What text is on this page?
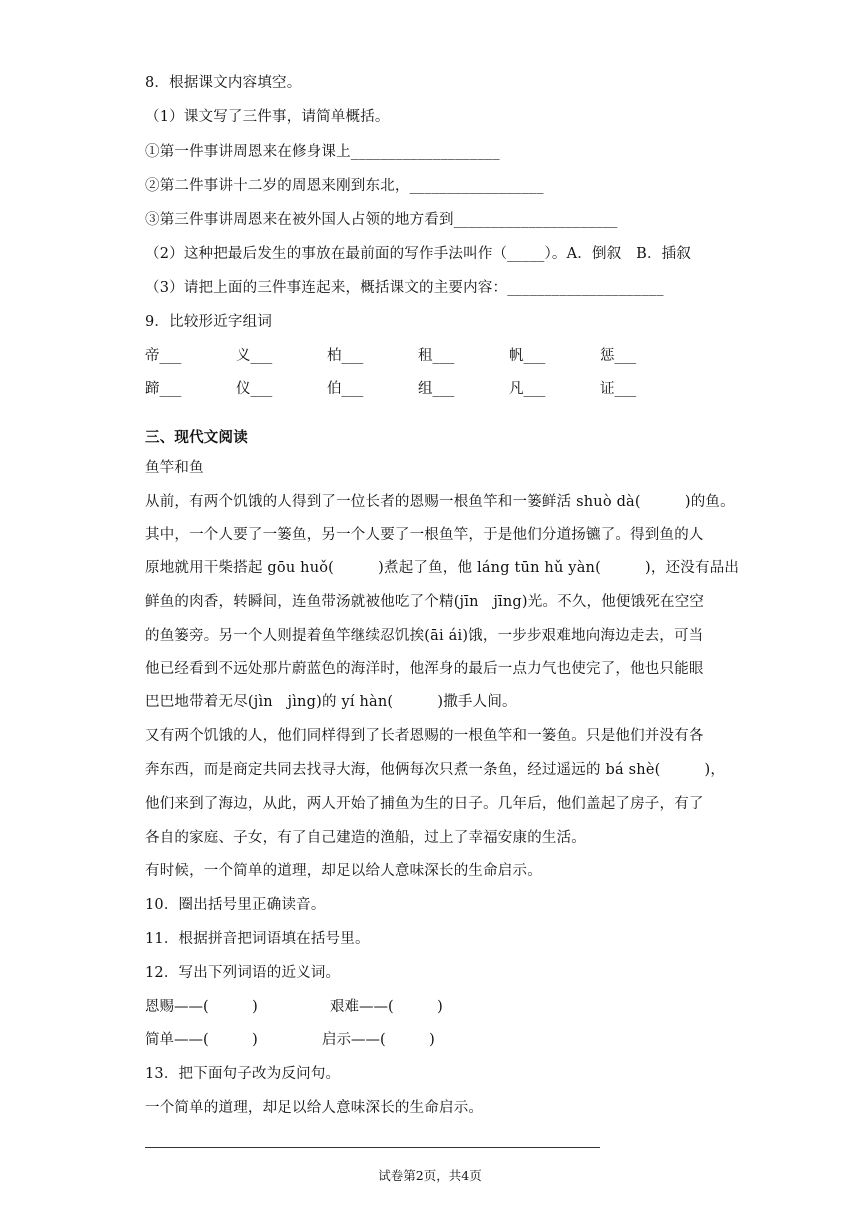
8．根据课文内容填空。
（1）课文写了三件事，请简单概括。
①第一件事讲周恩来在修身课上____________________
②第二件事讲十二岁的周恩来刚到东北，__________________
③第三件事讲周恩来在被外国人占领的地方看到______________________
（2）这种把最后发生的事放在最前面的写作手法叫作（_____）。A．倒叙　B．插叙
（3）请把上面的三件事连起来，概括课文的主要内容：_____________________
9．比较形近字组词
帝___	义___	柏___	租___	帆___	惩___
蹄___	仪___	伯___	组___	凡___	证___
三、现代文阅读
鱼竿和鱼
从前，有两个饥饿的人得到了一位长者的恩赐一根鱼竿和一篓鲜活 shuò dà(　　　)的鱼。
其中，一个人要了一篓鱼，另一个人要了一根鱼竿，于是他们分道扬镳了。得到鱼的人
原地就用干柴搭起 gōu huǒ(　　　)煮起了鱼，他 láng tūn hǔ yàn(　　　)，还没有品出
鲜鱼的肉香，转瞬间，连鱼带汤就被他吃了个精(jīn　jīng)光。不久，他便饿死在空空
的鱼篓旁。另一个人则提着鱼竿继续忍饥挨(āi ái)饿，一步步艰难地向海边走去，可当
他已经看到不远处那片蔚蓝色的海洋时，他浑身的最后一点力气也使完了，他也只能眼
巴巴地带着无尽(jìn　jìng)的 yí hàn(　　　)撒手人间。
又有两个饥饿的人，他们同样得到了长者恩赐的一根鱼竿和一篓鱼。只是他们并没有各
奔东西，而是商定共同去找寻大海，他俩每次只煮一条鱼，经过遥远的 bá shè(　　　)，
他们来到了海边，从此，两人开始了捕鱼为生的日子。几年后，他们盖起了房子，有了
各自的家庭、子女，有了自己建造的渔船，过上了幸福安康的生活。
有时候，一个简单的道理，却足以给人意味深长的生命启示。
10．圈出括号里正确读音。
11．根据拼音把词语填在括号里。
12．写出下列词语的近义词。
恩赐——(　　　)	艰难——(　　　)
简单——(　　　)	启示——(　　　)
13．把下面句子改为反问句。
一个简单的道理，却足以给人意味深长的生命启示。
试卷第2页，共4页
